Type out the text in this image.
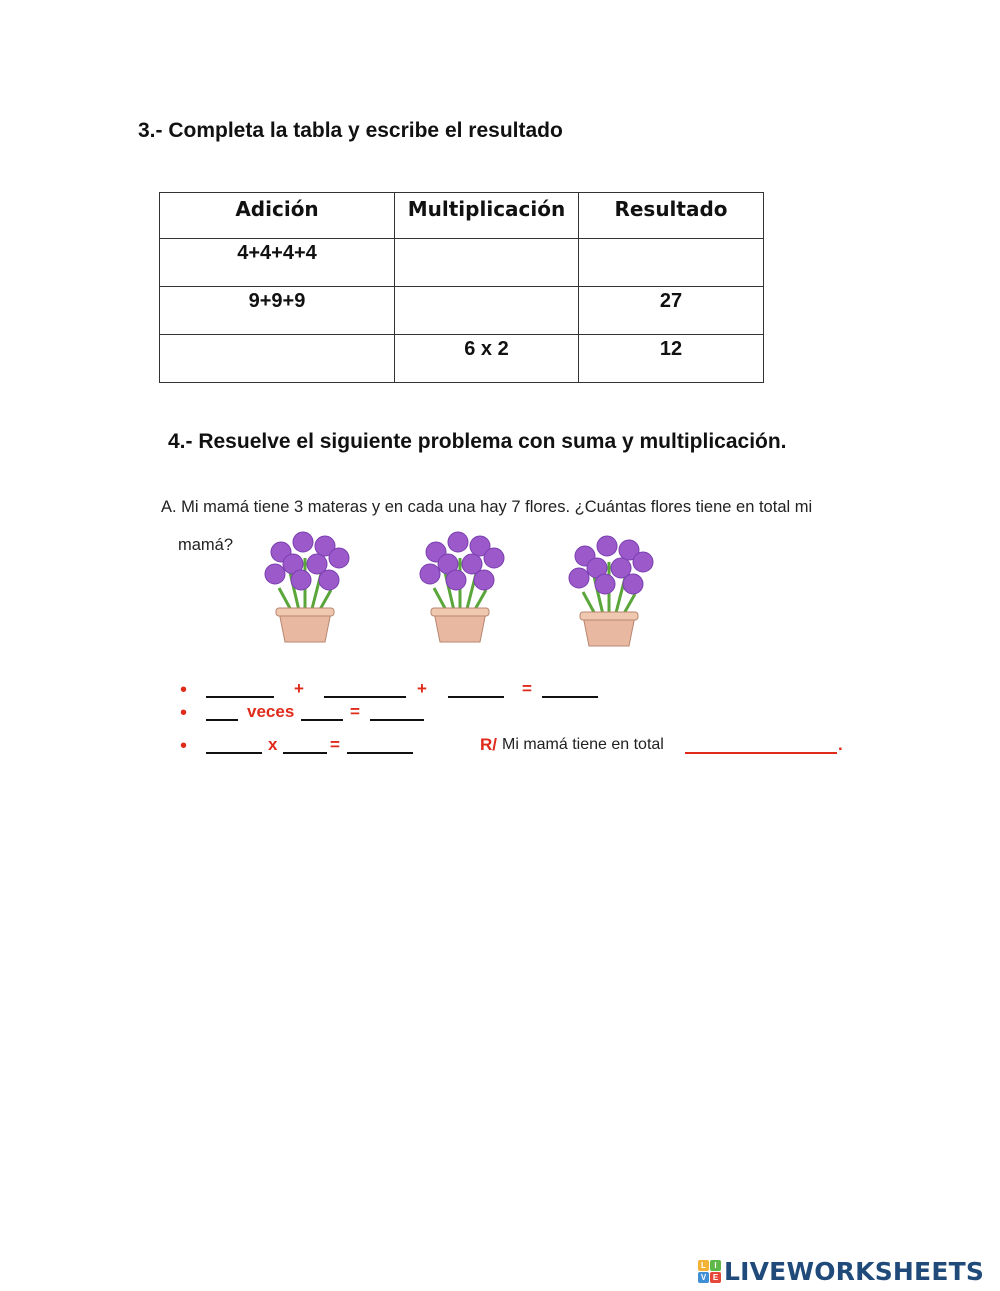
3.- Completa la tabla y escribe el resultado
Adición	Multiplicación	Resultado
4+4+4+4		
9+9+9		27
	6 x 2	12
4.- Resuelve el siguiente problema con suma y multiplicación.
A. Mi mamá tiene 3 materas y en cada una hay 7 flores. ¿Cuántas flores tiene en total mi
mamá?
•	+	+	=
•	veces	=
•	x	=	R/ Mi mamá tiene en total	.
L	I
V E LIVEWORKSHEETS
